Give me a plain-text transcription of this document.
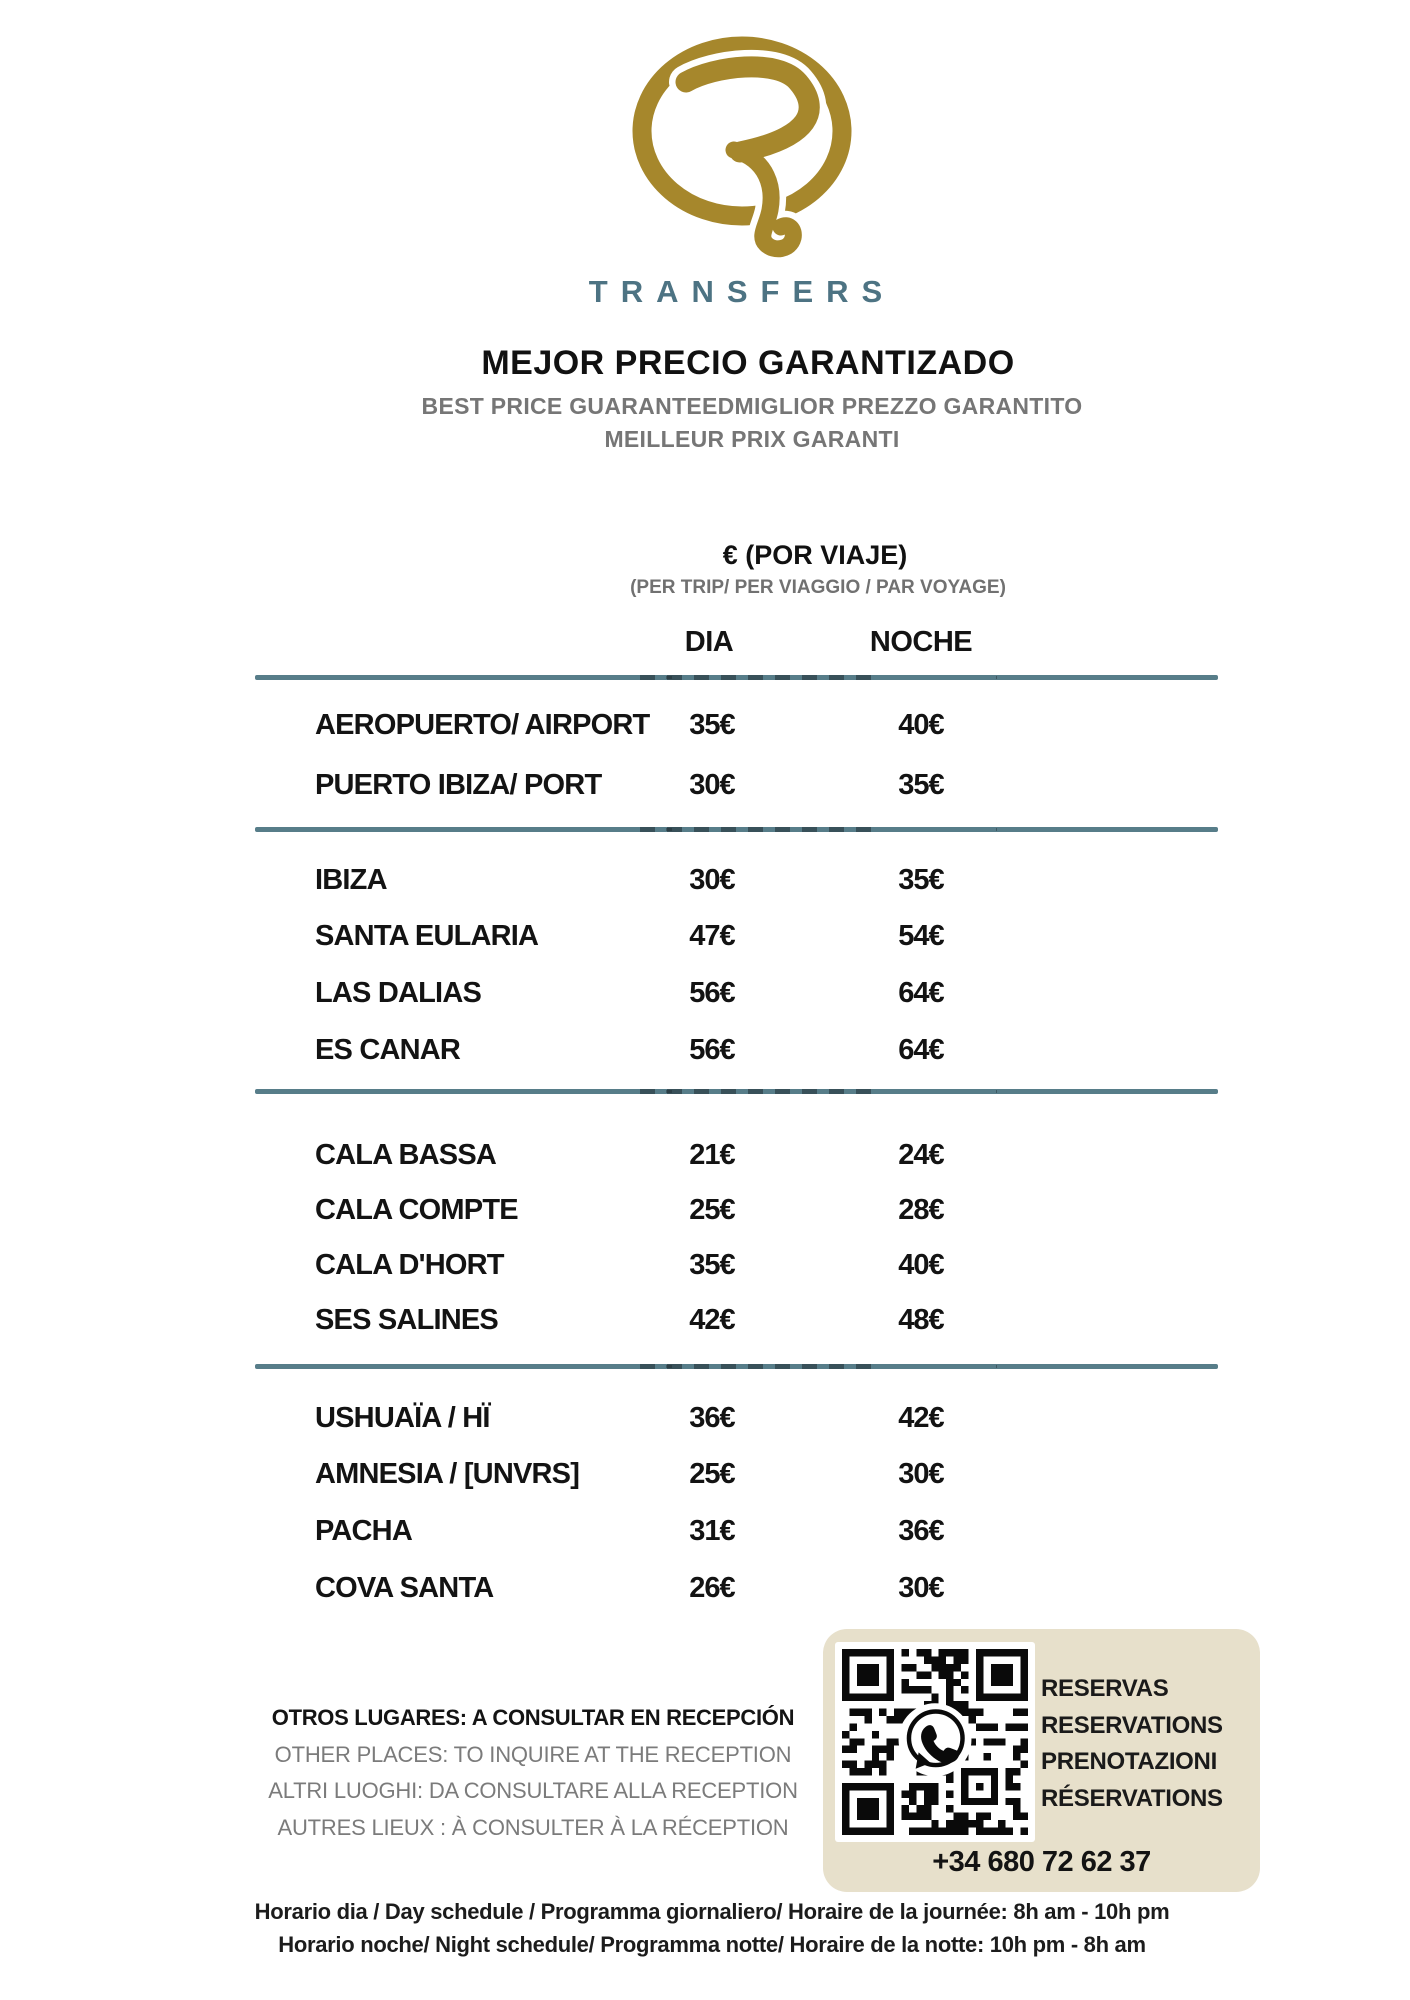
TRANSFERS
MEJOR PRECIO GARANTIZADO
BEST PRICE GUARANTEEDMIGLIOR PREZZO GARANTITO
MEILLEUR PRIX GARANTI
€ (POR VIAJE)
(PER TRIP/ PER VIAGGIO / PAR VOYAGE)
DIA	NOCHE
AEROPUERTO/ AIRPORT	35€	40€
PUERTO IBIZA/ PORT	30€	35€
IBIZA	30€	35€
SANTA EULARIA	47€	54€
LAS DALIAS	56€	64€
ES CANAR	56€	64€
CALA BASSA	21€	24€
CALA COMPTE	25€	28€
CALA D'HORT	35€	40€
SES SALINES	42€	48€
USHUAÏA / HÏ	36€	42€
AMNESIA / [UNVRS]	25€	30€
PACHA	31€	36€
COVA SANTA	26€	30€
OTROS LUGARES: A CONSULTAR EN RECEPCIÓN
OTHER PLACES: TO INQUIRE AT THE RECEPTION
ALTRI LUOGHI: DA CONSULTARE ALLA RECEPTION
AUTRES LIEUX : À CONSULTER À LA RÉCEPTION
RESERVAS
RESERVATIONS
PRENOTAZIONI
RÉSERVATIONS
+34 680 72 62 37
Horario dia / Day schedule / Programma giornaliero/ Horaire de la journée: 8h am - 10h pm
Horario noche/ Night schedule/ Programma notte/ Horaire de la notte: 10h pm - 8h am
